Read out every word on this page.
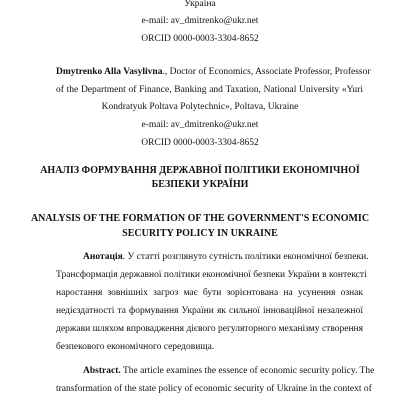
Україна
e-mail: av_dmitrenko@ukr.net
ORCID 0000-0003-3304-8652
Dmytrenko Alla Vasylivna., Doctor of Economics, Associate Professor, Professor
of the Department of Finance, Banking and Taxation, National University «Yuri
Kondratyuk Poltava Polytechnic», Poltava, Ukraine
e-mail: av_dmitrenko@ukr.net
ORCID 0000-0003-3304-8652
АНАЛІЗ ФОРМУВАННЯ ДЕРЖАВНОЇ ПОЛІТИКИ ЕКОНОМІЧНОЇ
БЕЗПЕКИ УКРАЇНИ
ANALYSIS OF THE FORMATION OF THE GOVERNMENT'S ECONOMIC
SECURITY POLICY IN UKRAINE
Анотація. У статті розглянуто сутність політики економічної безпеки.
Трансформація державної політики економічної безпеки України в контексті
наростання зовнішніх загроз має бути зорієнтована на усунення ознак
недієздатності та формування України як сильної інноваційної незалежної
держави шляхом впровадження дієвого регуляторного механізму створення
безпекового економічного середовища.
Abstract. The article examines the essence of economic security policy. The
transformation of the state policy of economic security of Ukraine in the context of
